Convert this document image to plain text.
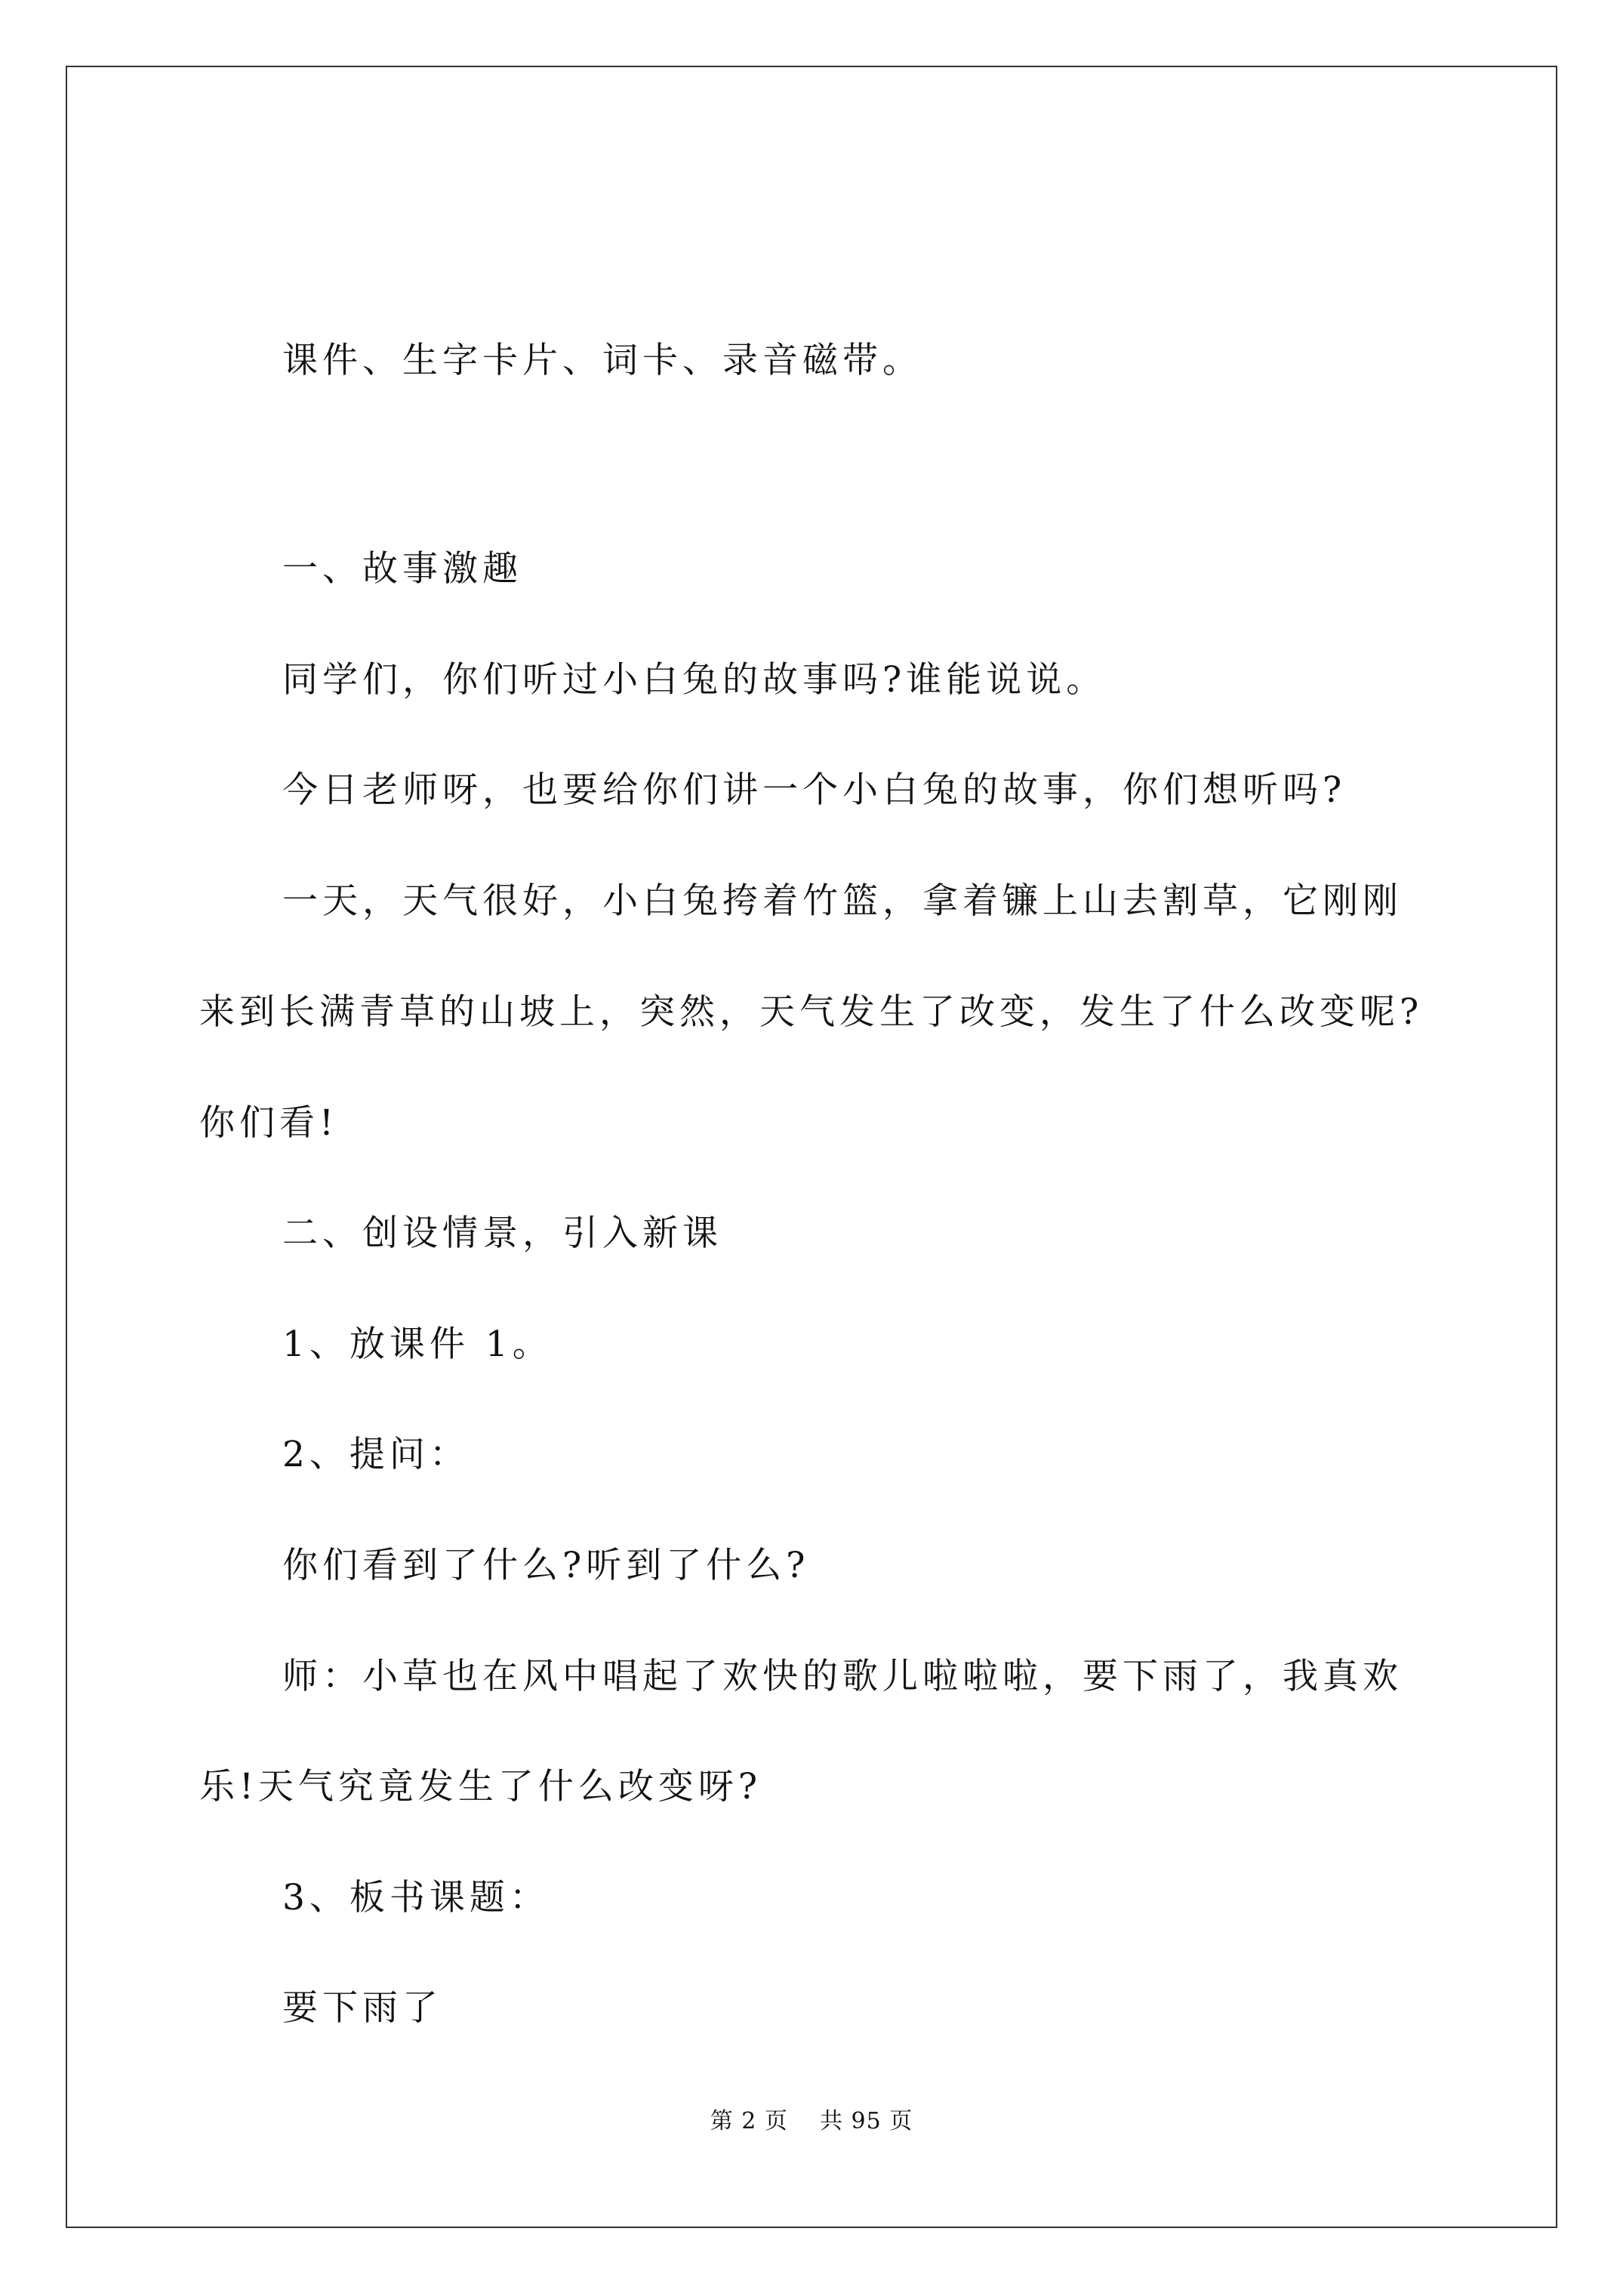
课件、生字卡片、词卡、录音磁带。
一、故事激趣
同学们，你们听过小白兔的故事吗?谁能说说。
今日老师呀，也要给你们讲一个小白兔的故事，你们想听吗?
一天，天气很好，小白兔挎着竹篮，拿着镰上山去割草，它刚刚
来到长满青草的山坡上，突然，天气发生了改变，发生了什么改变呢?
你们看!
二、创设情景，引入新课
1、放课件 1。
2、提问：
你们看到了什么?听到了什么?
师：小草也在风中唱起了欢快的歌儿啦啦啦，要下雨了，我真欢
乐!天气究竟发生了什么改变呀?
3、板书课题：
要下雨了
第 2 页    共 95 页
